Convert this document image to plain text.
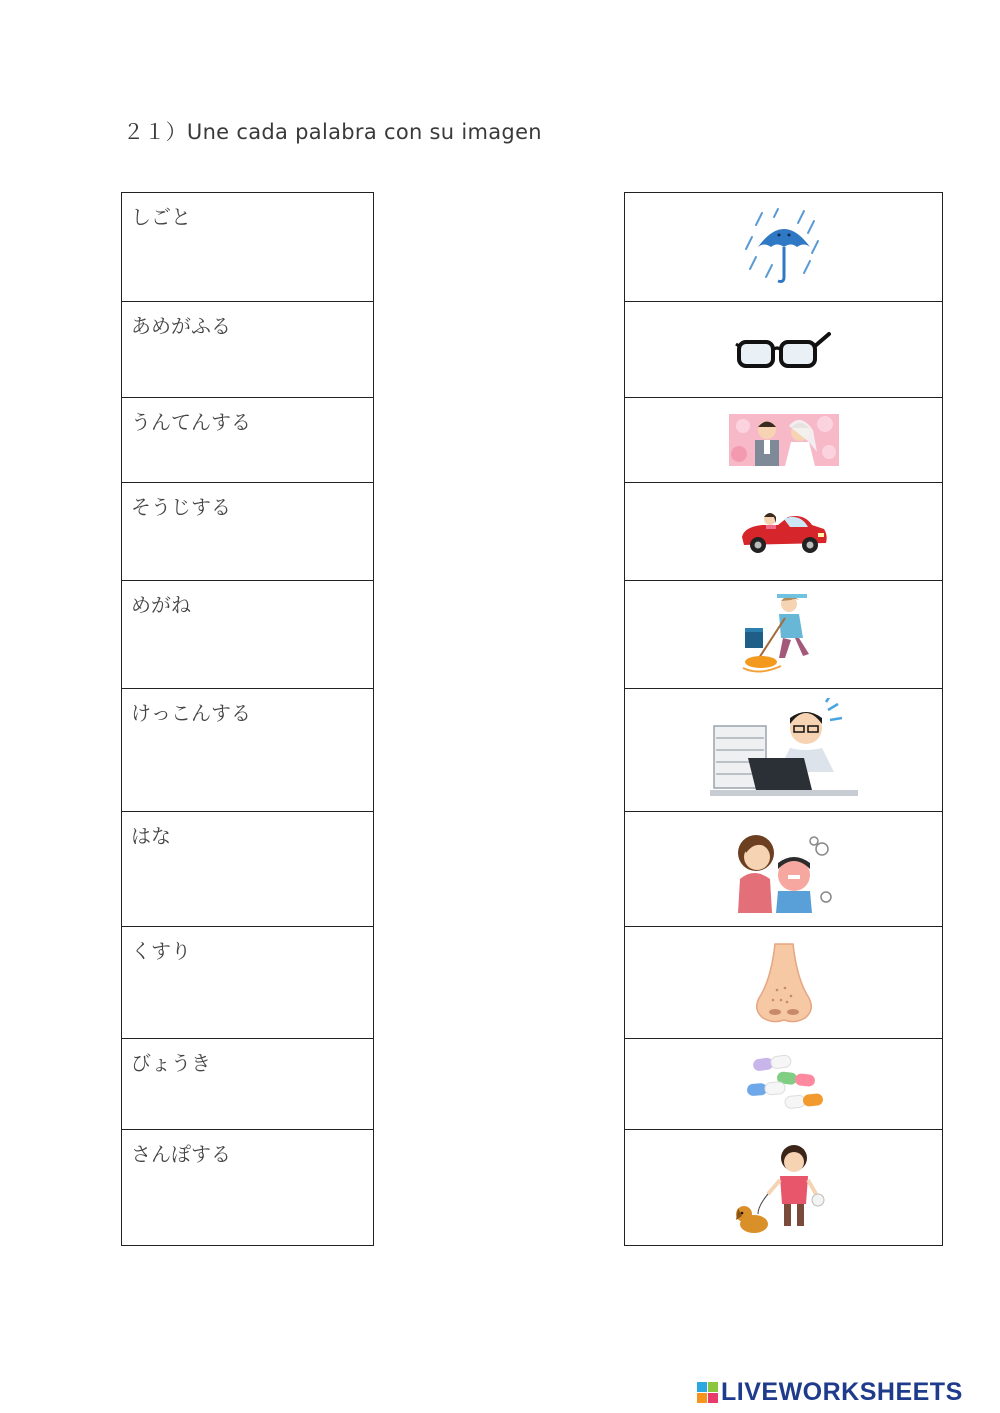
２１）Une cada palabra con su imagen
しごと
あめがふる
うんてんする
そうじする
めがね
けっこんする
はな
くすり
びょうき
さんぽする
LIVEWORKSHEETS
